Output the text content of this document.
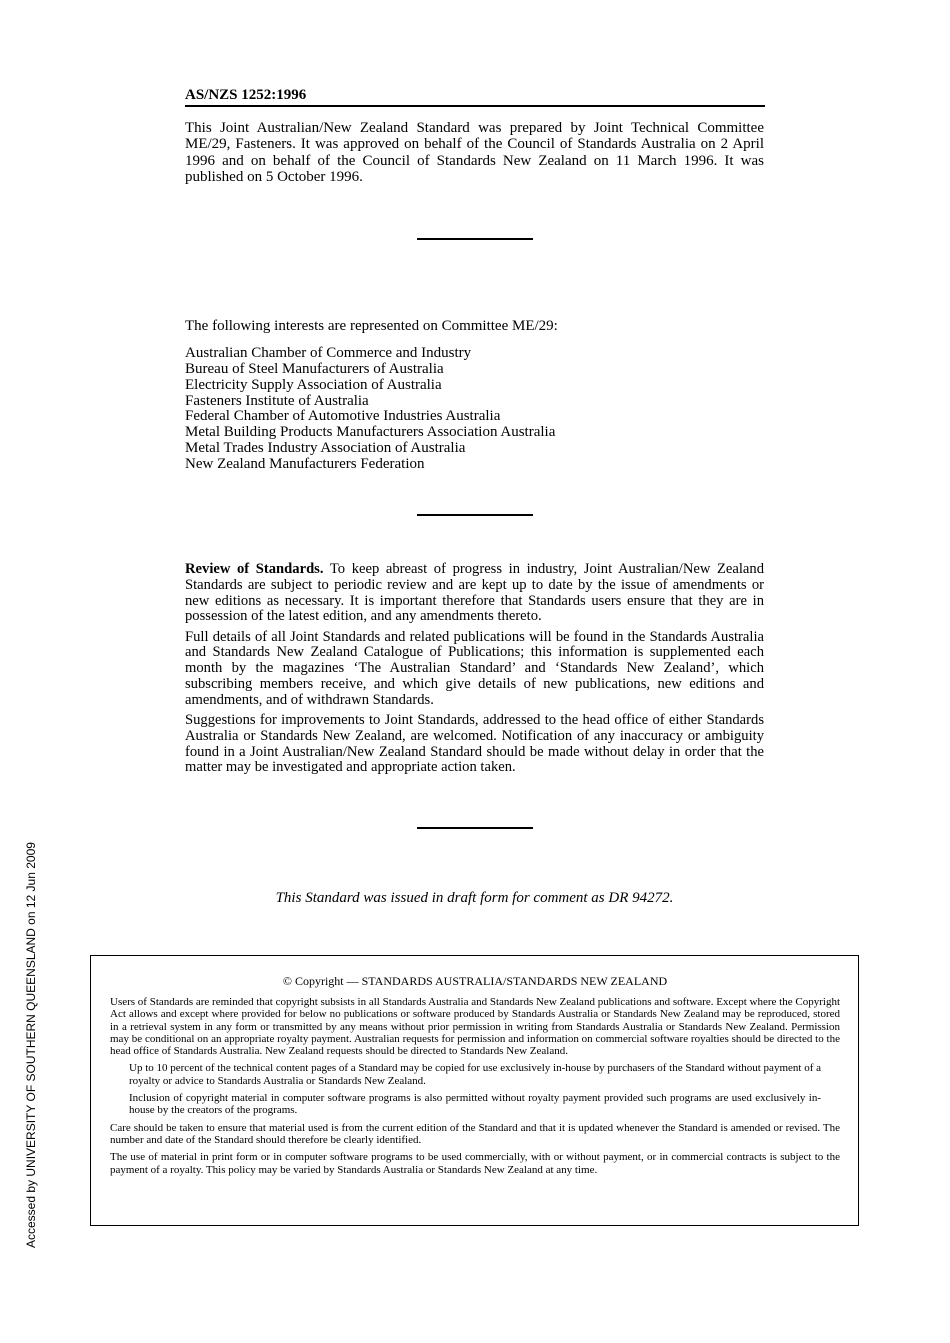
AS/NZS 1252:1996
This Joint Australian/New Zealand Standard was prepared by Joint Technical Committee ME/29, Fasteners. It was approved on behalf of the Council of Standards Australia on 2 April 1996 and on behalf of the Council of Standards New Zealand on 11 March 1996. It was published on 5 October 1996.
The following interests are represented on Committee ME/29:
Australian Chamber of Commerce and Industry
Bureau of Steel Manufacturers of Australia
Electricity Supply Association of Australia
Fasteners Institute of Australia
Federal Chamber of Automotive Industries Australia
Metal Building Products Manufacturers Association Australia
Metal Trades Industry Association of Australia
New Zealand Manufacturers Federation

Review of Standards. To keep abreast of progress in industry, Joint Australian/New Zealand Standards are subject to periodic review and are kept up to date by the issue of amendments or new editions as necessary. It is important therefore that Standards users ensure that they are in possession of the latest edition, and any amendments thereto.

Full details of all Joint Standards and related publications will be found in the Standards Australia and Standards New Zealand Catalogue of Publications; this information is supplemented each month by the magazines ‘The Australian Standard’ and ‘Standards New Zealand’, which subscribing members receive, and which give details of new publications, new editions and amendments, and of withdrawn Standards.

Suggestions for improvements to Joint Standards, addressed to the head office of either Standards Australia or Standards New Zealand, are welcomed. Notification of any inaccuracy or ambiguity found in a Joint Australian/New Zealand Standard should be made without delay in order that the matter may be investigated and appropriate action taken.

This Standard was issued in draft form for comment as DR 94272.
© Copyright — STANDARDS AUSTRALIA/STANDARDS NEW ZEALAND

Users of Standards are reminded that copyright subsists in all Standards Australia and Standards New Zealand publications and software. Except where the Copyright Act allows and except where provided for below no publications or software produced by Standards Australia or Standards New Zealand may be reproduced, stored in a retrieval system in any form or transmitted by any means without prior permission in writing from Standards Australia or Standards New Zealand. Permission may be conditional on an appropriate royalty payment. Australian requests for permission and information on commercial software royalties should be directed to the head office of Standards Australia. New Zealand requests should be directed to Standards New Zealand.

Up to 10 percent of the technical content pages of a Standard may be copied for use exclusively in-house by purchasers of the Standard without payment of a royalty or advice to Standards Australia or Standards New Zealand.

Inclusion of copyright material in computer software programs is also permitted without royalty payment provided such programs are used exclusively in-house by the creators of the programs.

Care should be taken to ensure that material used is from the current edition of the Standard and that it is updated whenever the Standard is amended or revised. The number and date of the Standard should therefore be clearly identified.

The use of material in print form or in computer software programs to be used commercially, with or without payment, or in commercial contracts is subject to the payment of a royalty. This policy may be varied by Standards Australia or Standards New Zealand at any time.

Accessed by UNIVERSITY OF SOUTHERN QUEENSLAND on 12 Jun 2009
